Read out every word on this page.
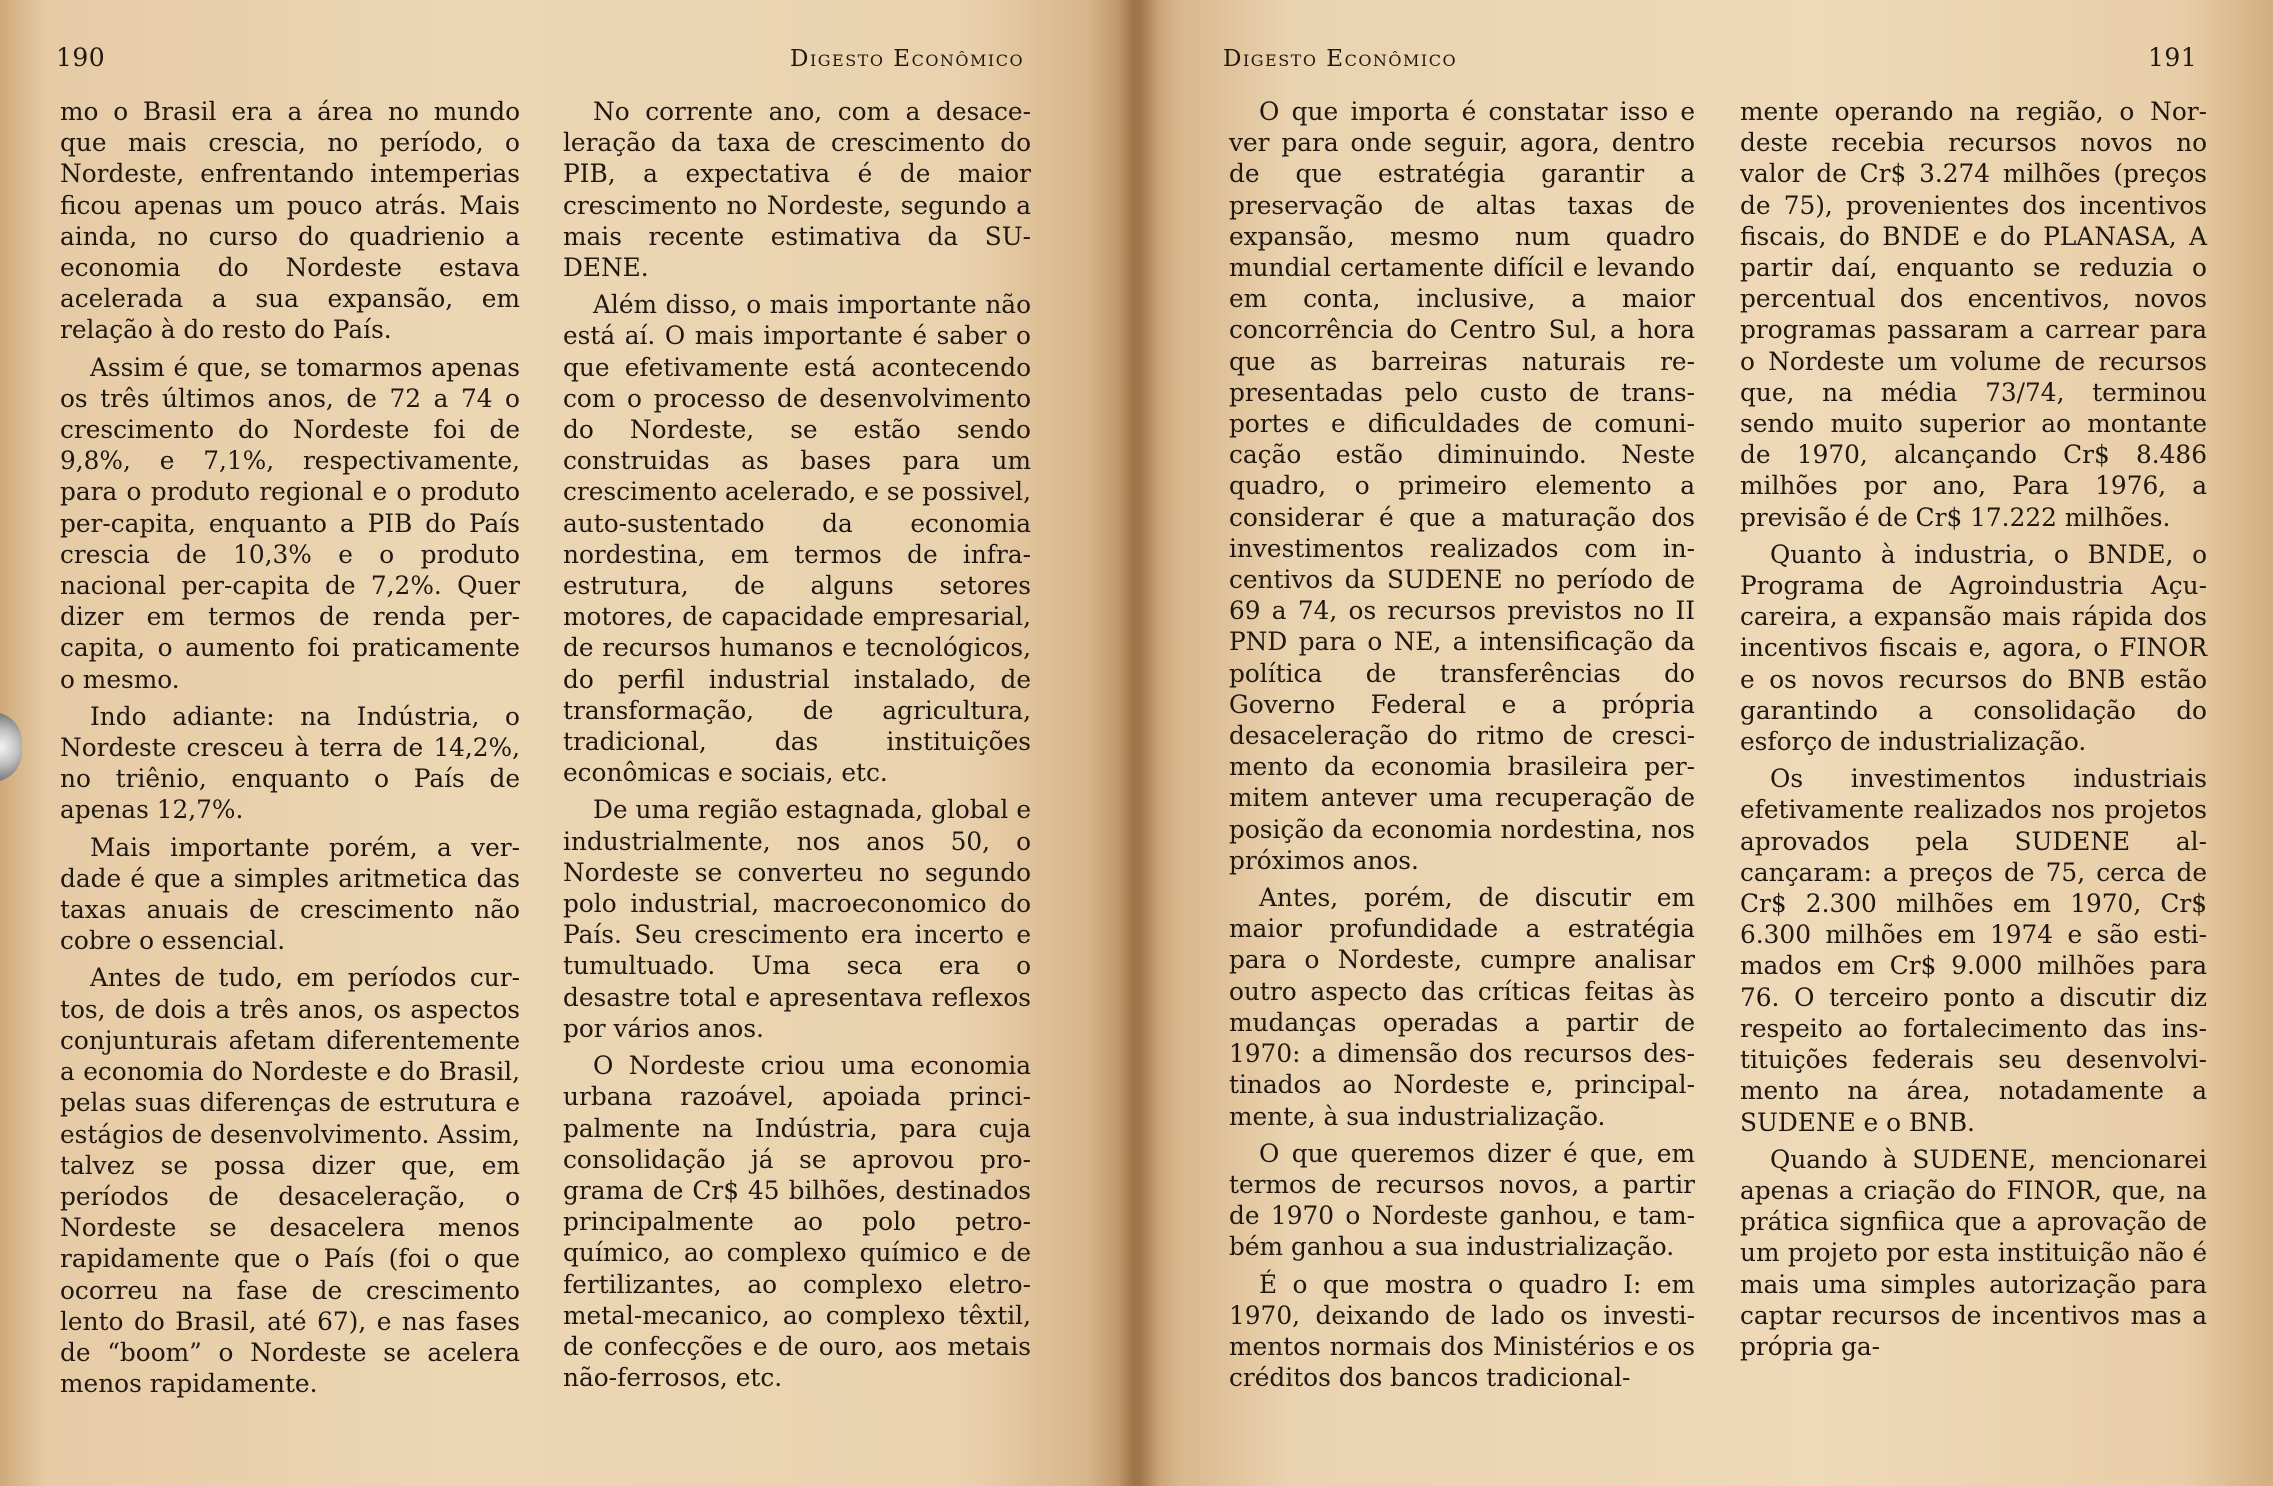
190	Digesto Econômico

mo o Brasil era a área no mundo que mais crescia, no período, o Nordeste, enfrentando intemperias ficou apenas um pouco atrás. Mais ainda, no curso do quadrienio a economia do Nordeste estava acelerada a sua expansão, em relação à do resto do País.

Assim é que, se tomarmos apenas os três últimos anos, de 72 a 74 o crescimento do Nordeste foi de 9,8%, e 7,1%, respectivamente, para o produto regional e o produto per-capita, enquanto a PIB do País crescia de 10,3% e o produto nacional per-capita de 7,2%. Quer dizer em termos de renda per-capita, o aumento foi praticamente o mesmo.

Indo adiante: na Indústria, o Nordeste cresceu à terra de 14,2%, no triênio, enquanto o País de apenas 12,7%.

Mais importante porém, a verdade é que a simples aritmetica das taxas anuais de crescimento não cobre o essencial.

Antes de tudo, em períodos curtos, de dois a três anos, os aspectos conjunturais afetam diferentemente a economia do Nordeste e do Brasil, pelas suas diferenças de estrutura e estágios de desenvolvimento. Assim, talvez se possa dizer que, em períodos de desaceleração, o Nordeste se desacelera menos rapidamente que o País (foi o que ocorreu na fase de crescimento lento do Brasil, até 67), e nas fases de “boom” o Nordeste se acelera menos rapidamente.

No corrente ano, com a desaceleração da taxa de crescimento do PIB, a expectativa é de maior crescimento no Nordeste, segundo a mais recente estimativa da SUDENE.

Além disso, o mais importante não está aí. O mais importante é saber o que efetivamente está acontecendo com o processo de desenvolvimento do Nordeste, se estão sendo construidas as bases para um crescimento acelerado, e se possivel, auto-sustentado da economia nordestina, em termos de infra-estrutura, de alguns setores motores, de capacidade empresarial, de recursos humanos e tecnológicos, do perfil industrial instalado, de transformação, de agricultura, tradicional, das instituições econômicas e sociais, etc.

De uma região estagnada, global e industrialmente, nos anos 50, o Nordeste se converteu no segundo polo industrial, macroeconomico do País. Seu crescimento era incerto e tumultuado. Uma seca era o desastre total e apresentava reflexos por vários anos.

O Nordeste criou uma economia urbana razoável, apoiada principalmente na Indústria, para cuja consolidação já se aprovou programa de Cr$ 45 bilhões, destinados principalmente ao polo petroquímico, ao complexo químico e de fertilizantes, ao complexo eletro-metal-mecanico, ao complexo têxtil, de confecções e de ouro, aos metais não-ferrosos, etc.

Digesto Econômico	191

O que importa é constatar isso e ver para onde seguir, agora, dentro de que estratégia garantir a preservação de altas taxas de expansão, mesmo num quadro mundial certamente difícil e levando em conta, inclusive, a maior concorrência do Centro Sul, a hora que as barreiras naturais representadas pelo custo de transportes e dificuldades de comunicação estão diminuindo. Neste quadro, o primeiro elemento a considerar é que a maturação dos investimentos realizados com incentivos da SUDENE no período de 69 a 74, os recursos previstos no II PND para o NE, a intensificação da política de transferências do Governo Federal e a própria desaceleração do ritmo de crescimento da economia brasileira permitem antever uma recuperação de posição da economia nordestina, nos próximos anos.

Antes, porém, de discutir em maior profundidade a estratégia para o Nordeste, cumpre analisar outro aspecto das críticas feitas às mudanças operadas a partir de 1970: a dimensão dos recursos destinados ao Nordeste e, principalmente, à sua industrialização.

O que queremos dizer é que, em termos de recursos novos, a partir de 1970 o Nordeste ganhou, e também ganhou a sua industrialização.

É o que mostra o quadro I: em 1970, deixando de lado os investimentos normais dos Ministérios e os créditos dos bancos tradicional-

mente operando na região, o Nordeste recebia recursos novos no valor de Cr$ 3.274 milhões (preços de 75), provenientes dos incentivos fiscais, do BNDE e do PLANASA, A partir daí, enquanto se reduzia o percentual dos encentivos, novos programas passaram a carrear para o Nordeste um volume de recursos que, na média 73/74, terminou sendo muito superior ao montante de 1970, alcançando Cr$ 8.486 milhões por ano, Para 1976, a previsão é de Cr$ 17.222 milhões.

Quanto à industria, o BNDE, o Programa de Agroindustria Açucareira, a expansão mais rápida dos incentivos fiscais e, agora, o FINOR e os novos recursos do BNB estão garantindo a consolidação do esforço de industrialização.

Os investimentos industriais efetivamente realizados nos projetos aprovados pela SUDENE alcançaram: a preços de 75, cerca de Cr$ 2.300 milhões em 1970, Cr$ 6.300 milhões em 1974 e são estimados em Cr$ 9.000 milhões para 76. O terceiro ponto a discutir diz respeito ao fortalecimento das instituições federais seu desenvolvimento na área, notadamente a SUDENE e o BNB.

Quando à SUDENE, mencionarei apenas a criação do FINOR, que, na prática signfiica que a aprovação de um projeto por esta instituição não é mais uma simples autorização para captar recursos de incentivos mas a própria ga-
